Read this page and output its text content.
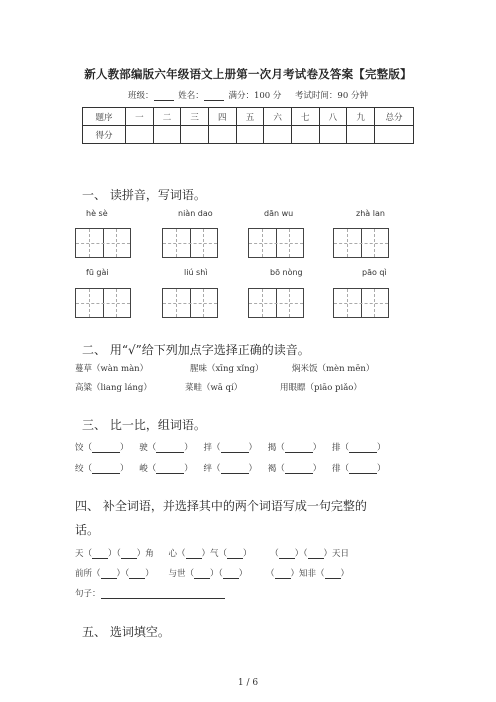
新人教部编版六年级语文上册第一次月考试卷及答案【完整版】
班级：	姓名：	满分：100 分 考试时间：90 分钟
题序	一	二	三	四	五	六	七	八	九	总分
得分										
一、 读拼音，写词语。
hè sè	niàn dao	dān wu	zhà lan
fū gài	liú shì	bō nòng	pāo qì
二、 用“√”给下列加点字选择正确的读音。
蔓草（wàn màn）	腥味（xīng xǐng）	焖米饭（mèn mēn）
高粱（liang láng）	菜畦（wā qí）	用眼瞟（piāo piǎo）
三、 比一比，组词语。
饺（	） 驶（	） 拌（	） 揭（	） 排（	）
绞（	） 峻（	） 绊（	） 褐（	） 徘（	）
四、 补全词语，并选择其中的两个词语写成一句完整的
话。
天（ ）（ ）角 心（ ）气（ ） （ ）（ ）天日
前所（ ）（ ） 与世（ ）（ ） （ ）知非（ ）
句子：
五、 选词填空。
1 / 6
